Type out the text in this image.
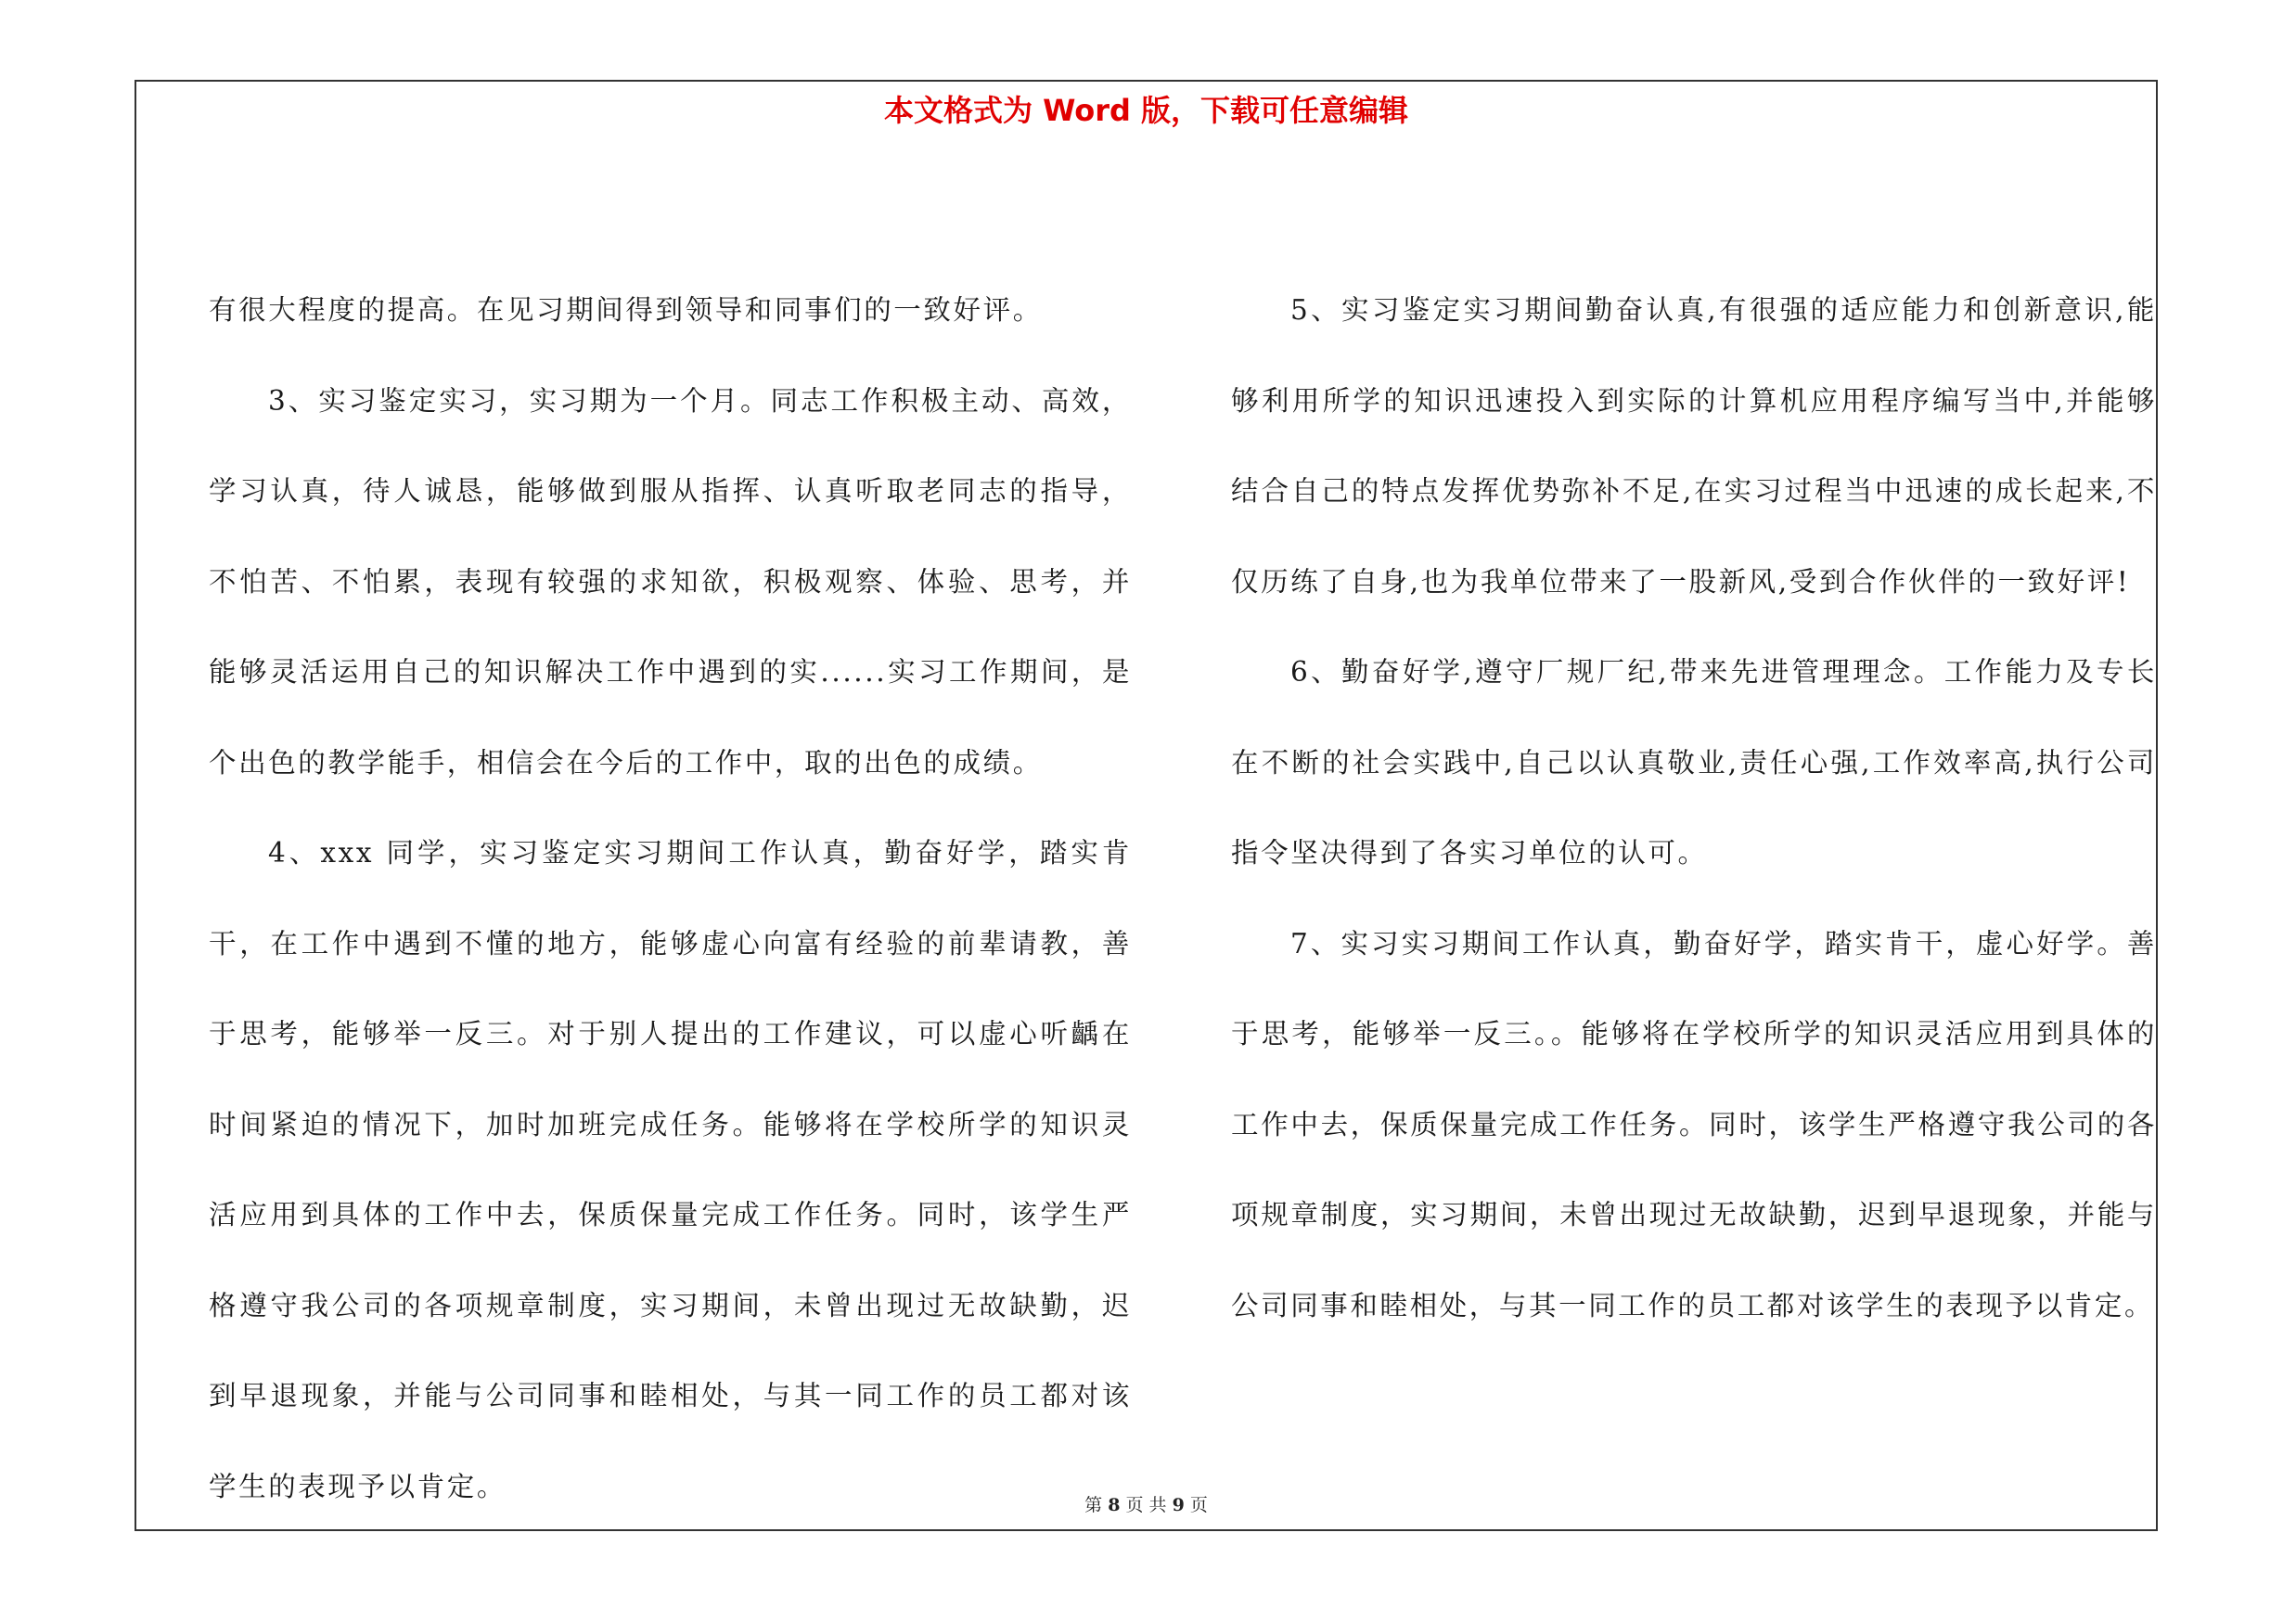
本文格式为 Word 版，下载可任意编辑

有很大程度的提高。在见习期间得到领导和同事们的一致好评。

3、实习鉴定实习，实习期为一个月。同志工作积极主动、高效，学习认真，待人诚恳，能够做到服从指挥、认真听取老同志的指导，不怕苦、不怕累，表现有较强的求知欲，积极观察、体验、思考，并能够灵活运用自己的知识解决工作中遇到的实......实习工作期间，是个出色的教学能手，相信会在今后的工作中，取的出色的成绩。

4、xxx 同学，实习鉴定实习期间工作认真，勤奋好学，踏实肯干，在工作中遇到不懂的地方，能够虚心向富有经验的前辈请教，善于思考，能够举一反三。对于别人提出的工作建议，可以虚心听齲在时间紧迫的情况下，加时加班完成任务。能够将在学校所学的知识灵活应用到具体的工作中去，保质保量完成工作任务。同时，该学生严格遵守我公司的各项规章制度，实习期间，未曾出现过无故缺勤，迟到早退现象，并能与公司同事和睦相处，与其一同工作的员工都对该学生的表现予以肯定。

5、实习鉴定实习期间勤奋认真,有很强的适应能力和创新意识,能够利用所学的知识迅速投入到实际的计算机应用程序编写当中,并能够结合自己的特点发挥优势弥补不足,在实习过程当中迅速的成长起来,不仅历练了自身,也为我单位带来了一股新风,受到合作伙伴的一致好评!

6、勤奋好学,遵守厂规厂纪,带来先进管理理念。工作能力及专长在不断的社会实践中,自己以认真敬业,责任心强,工作效率高,执行公司指令坚决得到了各实习单位的认可。

7、实习实习期间工作认真，勤奋好学，踏实肯干，虚心好学。善于思考，能够举一反三。。能够将在学校所学的知识灵活应用到具体的工作中去，保质保量完成工作任务。同时，该学生严格遵守我公司的各项规章制度，实习期间，未曾出现过无故缺勤，迟到早退现象，并能与公司同事和睦相处，与其一同工作的员工都对该学生的表现予以肯定。

第 8 页 共 9 页
